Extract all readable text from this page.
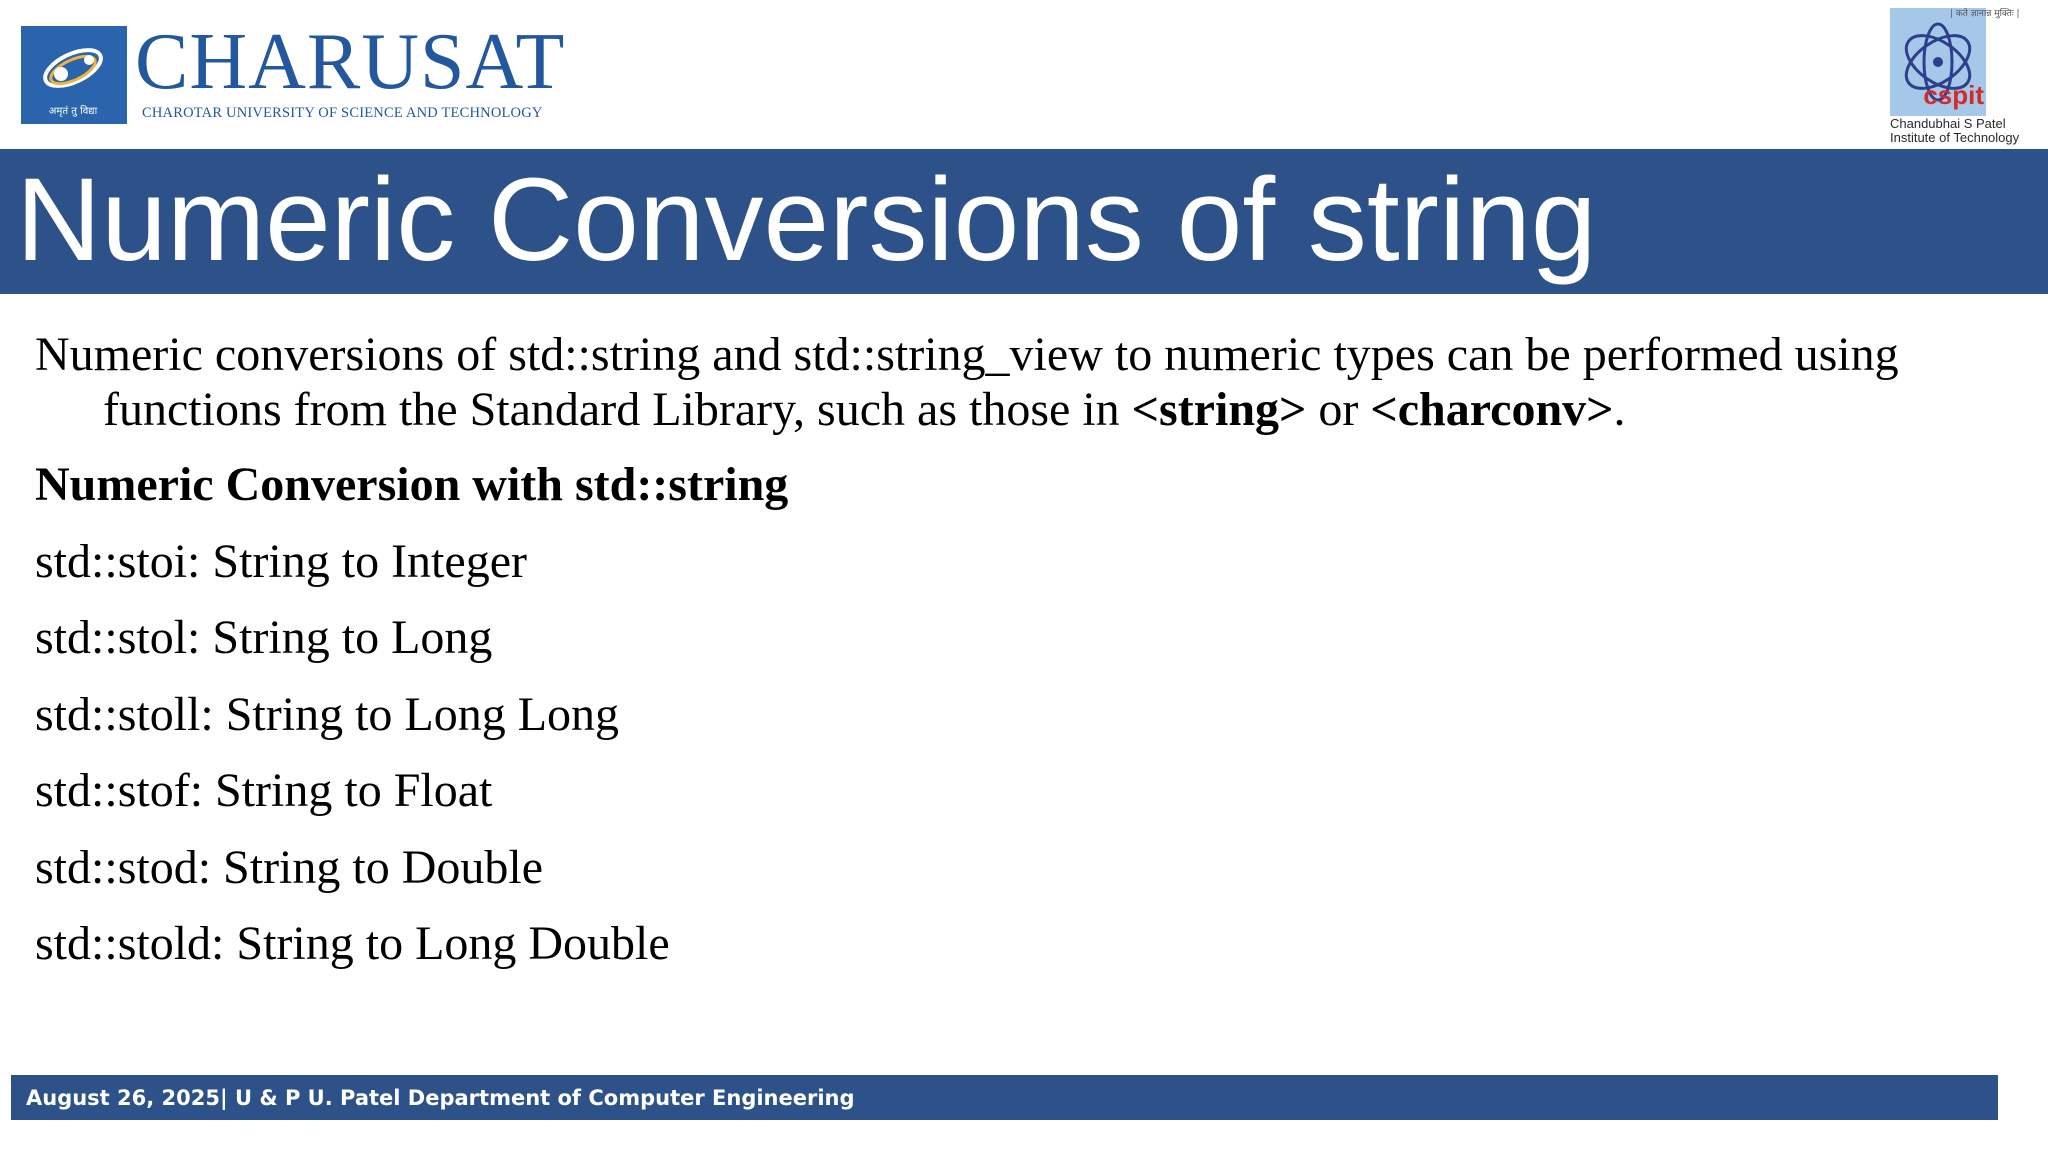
अमृतं तु विद्या
CHARUSAT
CHAROTAR UNIVERSITY OF SCIENCE AND TECHNOLOGY
cspit
| कते ज्ञानान्न मुक्तिः |
Chandubhai S Patel
Institute of Technology
Numeric Conversions of string

Numeric conversions of std::string and std::string_view to numeric types can be performed using functions from the Standard Library, such as those in <string> or <charconv>.

Numeric Conversion with std::string
std::stoi: String to Integer
std::stol: String to Long
std::stoll: String to Long Long
std::stof: String to Float
std::stod: String to Double
std::stold: String to Long Double
August 26, 2025| U & P U. Patel Department of Computer Engineering
